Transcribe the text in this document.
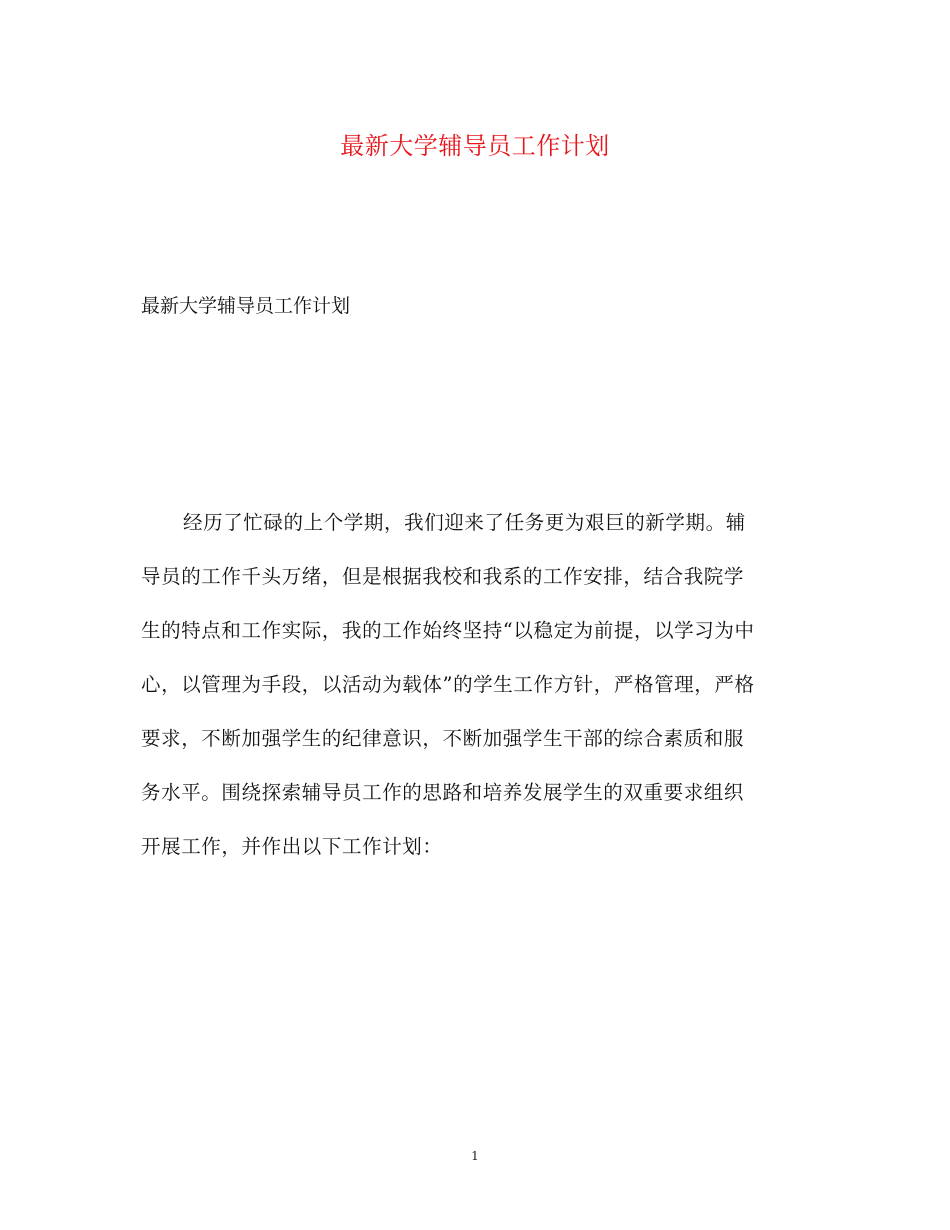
最新大学辅导员工作计划

最新大学辅导员工作计划

经历了忙碌的上个学期，我们迎来了任务更为艰巨的新学期。辅
导员的工作千头万绪，但是根据我校和我系的工作安排，结合我院学
生的特点和工作实际，我的工作始终坚持“以稳定为前提，以学习为中
心，以管理为手段，以活动为载体”的学生工作方针，严格管理，严格
要求，不断加强学生的纪律意识，不断加强学生干部的综合素质和服
务水平。围绕探索辅导员工作的思路和培养发展学生的双重要求组织
开展工作，并作出以下工作计划：
1
